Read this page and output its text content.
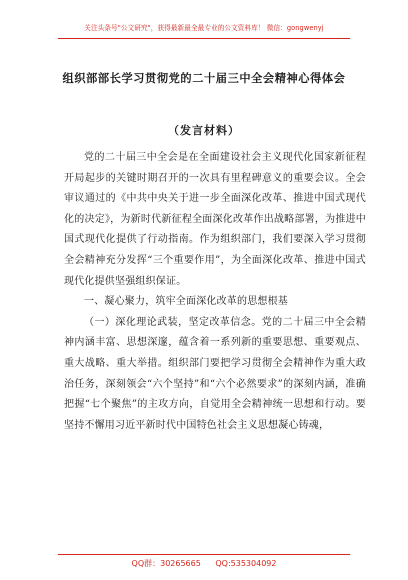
关注头条号"公文研究"，获得最新最全最专业的公文资料库！ 微信：gongwenyj
组织部部长学习贯彻党的二十届三中全会精神心得体会
（发言材料）

党的二十届三中全会是在全面建设社会主义现代化国家新征程开局起步的关键时期召开的一次具有里程碑意义的重要会议。全会审议通过的《中共中央关于进一步全面深化改革、推进中国式现代化的决定》，为新时代新征程全面深化改革作出战略部署，为推进中国式现代化提供了行动指南。作为组织部门，我们要深入学习贯彻全会精神充分发挥“三个重要作用”，为全面深化改革、推进中国式现代化提供坚强组织保证。

一、凝心聚力，筑牢全面深化改革的思想根基

（一）深化理论武装，坚定改革信念。党的二十届三中全会精神内涵丰富、思想深邃，蕴含着一系列新的重要思想、重要观点、重大战略、重大举措。组织部门要把学习贯彻全会精神作为重大政治任务，深刻领会“六个坚持”和“六个必然要求”的深刻内涵，准确把握“七个聚焦”的主攻方向，自觉用全会精神统一思想和行动。要坚持不懈用习近平新时代中国特色社会主义思想凝心铸魂，

QQ群：30265665 QQ:535304092
